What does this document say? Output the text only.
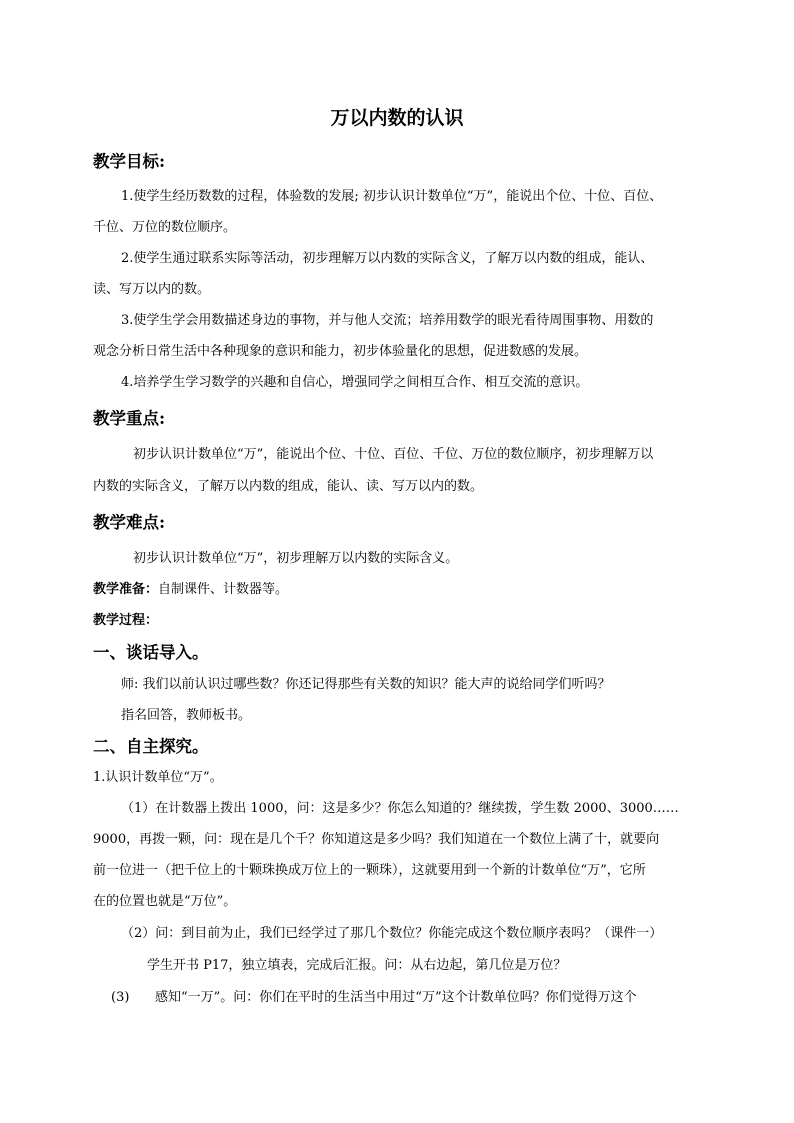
万以内数的认识
教学目标:
1.使学生经历数数的过程，体验数的发展; 初步认识计数单位“万”，能说出个位、十位、百位、
千位、万位的数位顺序。
2.使学生通过联系实际等活动，初步理解万以内数的实际含义，了解万以内数的组成，能认、
读、写万以内的数。
3.使学生学会用数描述身边的事物，并与他人交流；培养用数学的眼光看待周围事物、用数的
观念分析日常生活中各种现象的意识和能力，初步体验量化的思想，促进数感的发展。
4.培养学生学习数学的兴趣和自信心，增强同学之间相互合作、相互交流的意识。
教学重点:
初步认识计数单位“万”，能说出个位、十位、百位、千位、万位的数位顺序，初步理解万以
内数的实际含义，了解万以内数的组成，能认、读、写万以内的数。
教学难点:
初步认识计数单位“万”，初步理解万以内数的实际含义。
教学准备：自制课件、计数器等。
教学过程：
一、谈话导入。
师: 我们以前认识过哪些数？你还记得那些有关数的知识？能大声的说给同学们听吗？
指名回答，教师板书。
二、自主探究。
1.认识计数单位“万”。
（1）在计数器上拨出 1000，问：这是多少？你怎么知道的？继续拨，学生数 2000、3000……
9000，再拨一颗，问：现在是几个千？你知道这是多少吗？我们知道在一个数位上满了十，就要向
前一位进一（把千位上的十颗珠换成万位上的一颗珠），这就要用到一个新的计数单位“万”，它所
在的位置也就是“万位”。
（2）问：到目前为止，我们已经学过了那几个数位？你能完成这个数位顺序表吗？（课件一）
学生开书 P17，独立填表，完成后汇报。问：从右边起，第几位是万位？
(3) 感知“一万”。问：你们在平时的生活当中用过“万”这个计数单位吗？你们觉得万这个
